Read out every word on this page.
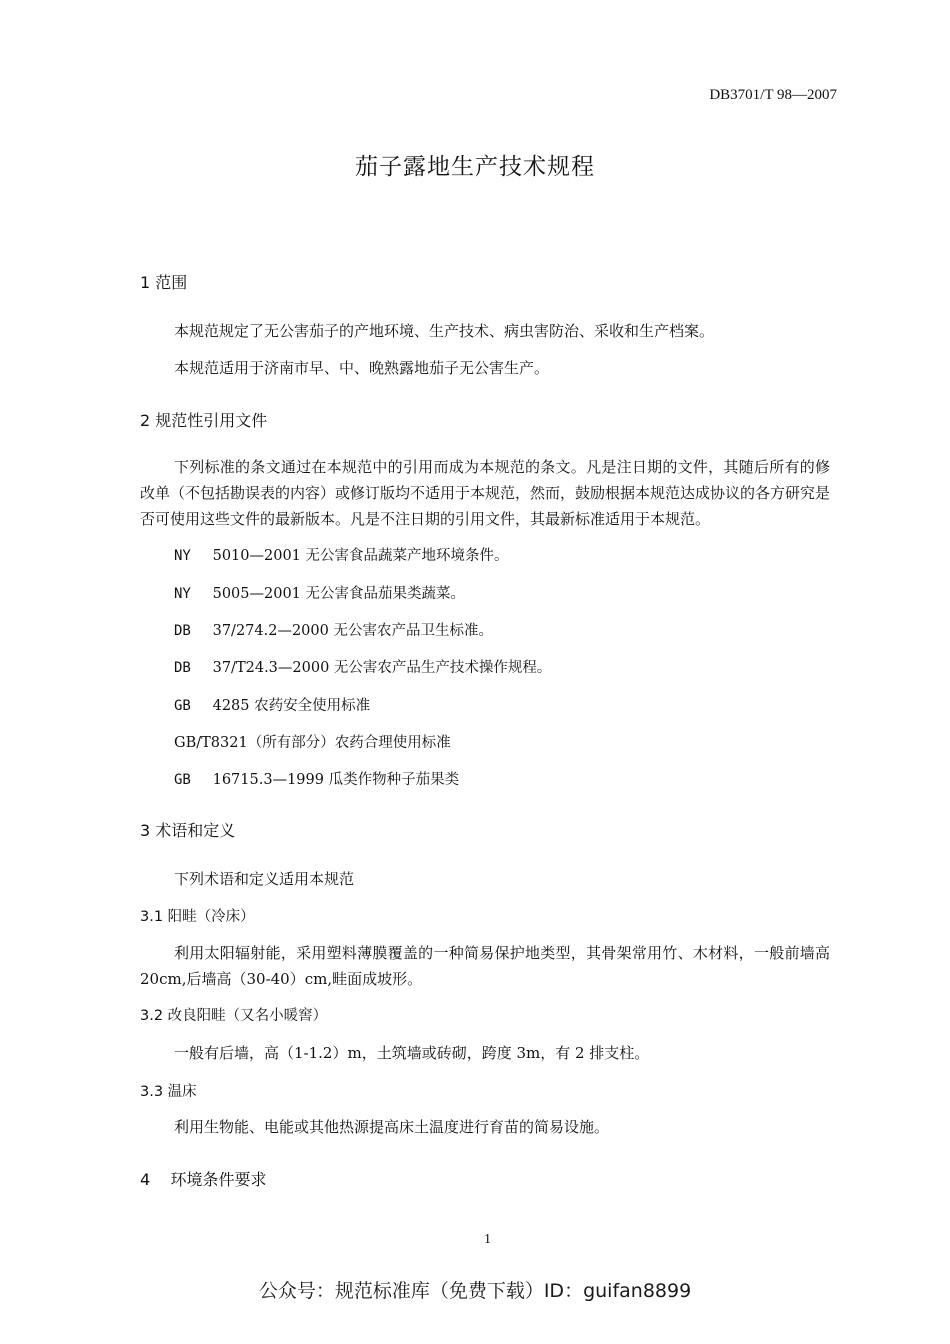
DB3701/T 98—2007
茄子露地生产技术规程
1 范围
本规范规定了无公害茄子的产地环境、生产技术、病虫害防治、采收和生产档案。
本规范适用于济南市早、中、晚熟露地茄子无公害生产。
2 规范性引用文件
下列标准的条文通过在本规范中的引用而成为本规范的条文。凡是注日期的文件，其随后所有的修改单（不包括勘误表的内容）或修订版均不适用于本规范，然而，鼓励根据本规范达成协议的各方研究是否可使用这些文件的最新版本。凡是不注日期的引用文件，其最新标准适用于本规范。
NY 5010—2001 无公害食品蔬菜产地环境条件。
NY 5005—2001 无公害食品茄果类蔬菜。
DB 37/274.2—2000 无公害农产品卫生标准。
DB 37/T24.3—2000 无公害农产品生产技术操作规程。
GB 4285 农药安全使用标准
GB/T8321（所有部分）农药合理使用标准
GB 16715.3—1999 瓜类作物种子茄果类
3 术语和定义
下列术语和定义适用本规范
3.1 阳畦（冷床）
利用太阳辐射能，采用塑料薄膜覆盖的一种简易保护地类型，其骨架常用竹、木材料，一般前墙高 20cm,后墙高（30-40）cm,畦面成坡形。
3.2 改良阳畦（又名小暖窖）
一般有后墙，高（1-1.2）m，土筑墙或砖砌，跨度 3m，有 2 排支柱。
3.3 温床
利用生物能、电能或其他热源提高床土温度进行育苗的简易设施。
4    环境条件要求
1
公众号：规范标准库（免费下载）ID：guifan8899
